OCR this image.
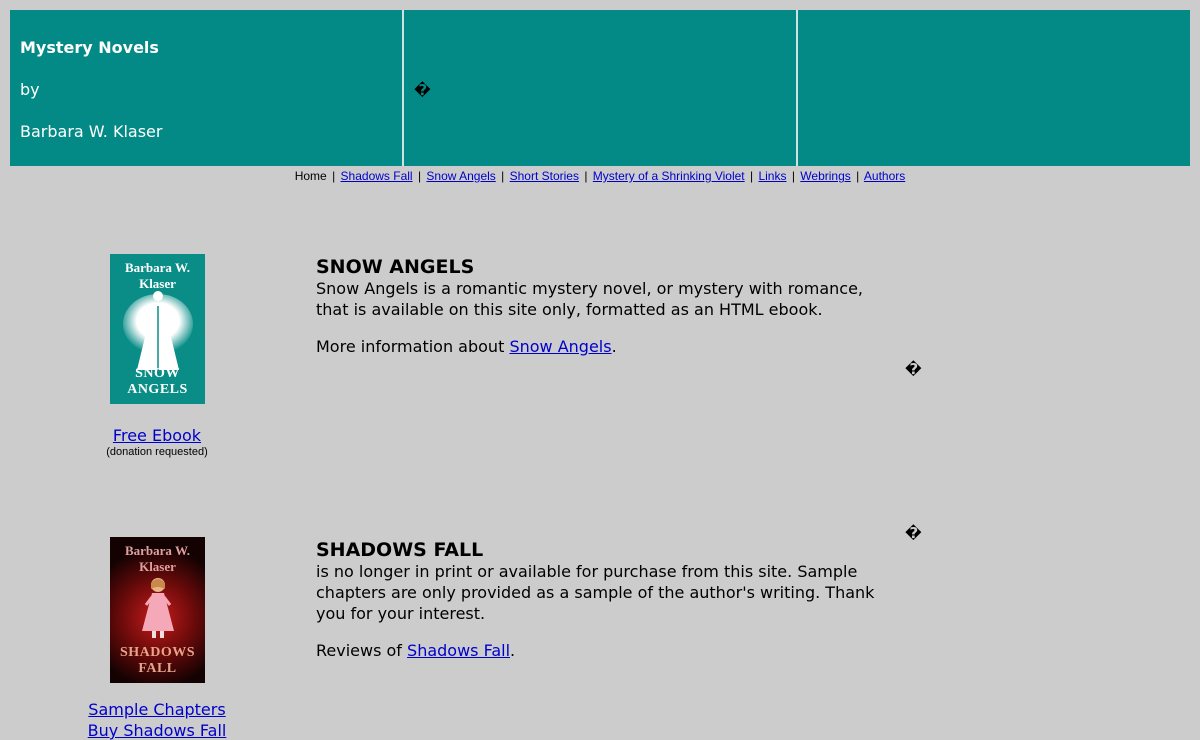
Mystery Novels
by
Barbara W. Klaser
�
Home | Shadows Fall | Snow Angels | Short Stories | Mystery of a Shrinking Violet | Links | Webrings | Authors
Barbara W. Klaser
SNOW ANGELS
Free Ebook
(donation requested)
SNOW ANGELS

Snow Angels is a romantic mystery novel, or mystery with romance, that is available on this site only, formatted as an HTML ebook.

More information about Snow Angels.

�
�
Barbara W. Klaser
SHADOWS FALL
Sample Chapters
Buy Shadows Fall
SHADOWS FALL

is no longer in print or available for purchase from this site. Sample chapters are only provided as a sample of the author's writing. Thank you for your interest.

Reviews of Shadows Fall.
